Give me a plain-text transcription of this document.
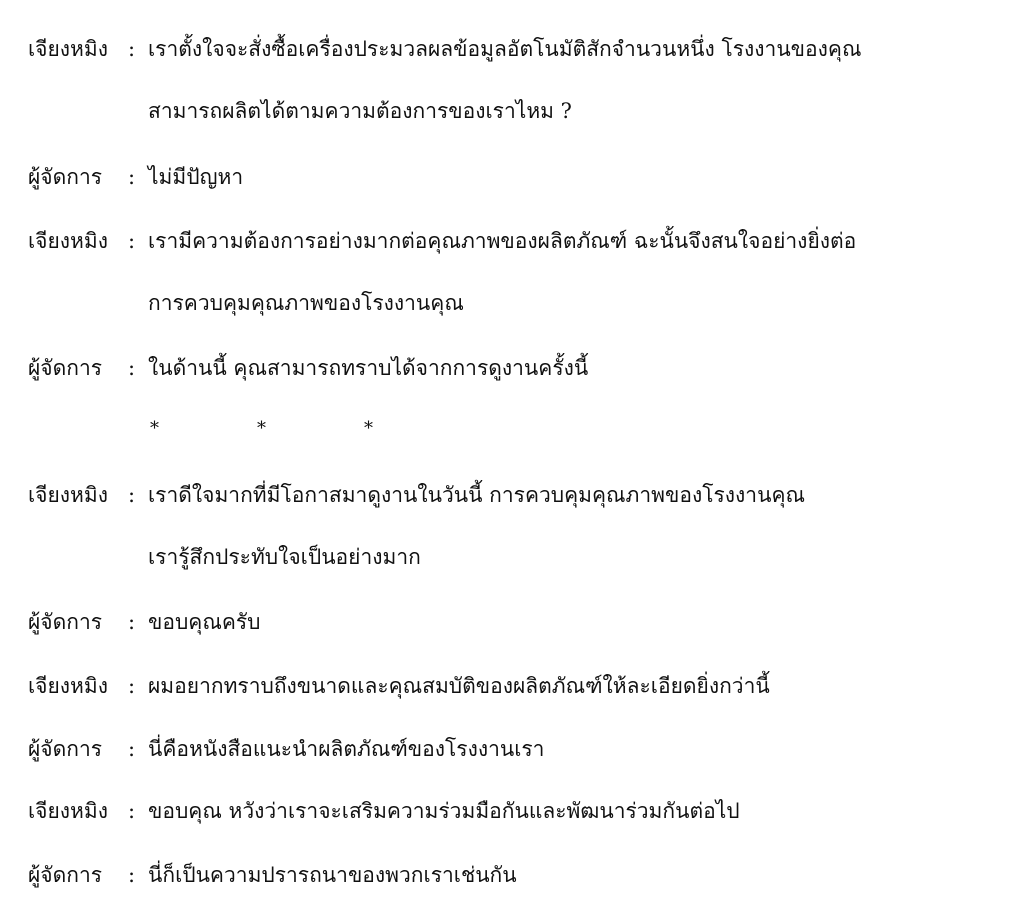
เจียงหมิง : เราตั้งใจจะสั่งซื้อเครื่องประมวลผลข้อมูลอัตโนมัติสักจำนวนหนึ่ง โรงงานของคุณ
สามารถผลิตได้ตามความต้องการของเราไหม ?
ผู้จัดการ : ไม่มีปัญหา
เจียงหมิง : เรามีความต้องการอย่างมากต่อคุณภาพของผลิตภัณฑ์ ฉะนั้นจึงสนใจอย่างยิ่งต่อ
การควบคุมคุณภาพของโรงงานคุณ
ผู้จัดการ : ในด้านนี้ คุณสามารถทราบได้จากการดูงานครั้งนี้
*	*	*
เจียงหมิง : เราดีใจมากที่มีโอกาสมาดูงานในวันนี้ การควบคุมคุณภาพของโรงงานคุณ
เรารู้สึกประทับใจเป็นอย่างมาก
ผู้จัดการ : ขอบคุณครับ
เจียงหมิง : ผมอยากทราบถึงขนาดและคุณสมบัติของผลิตภัณฑ์ให้ละเอียดยิ่งกว่านี้
ผู้จัดการ : นี่คือหนังสือแนะนำผลิตภัณฑ์ของโรงงานเรา
เจียงหมิง : ขอบคุณ หวังว่าเราจะเสริมความร่วมมือกันและพัฒนาร่วมกันต่อไป
ผู้จัดการ : นี่ก็เป็นความปรารถนาของพวกเราเช่นกัน
